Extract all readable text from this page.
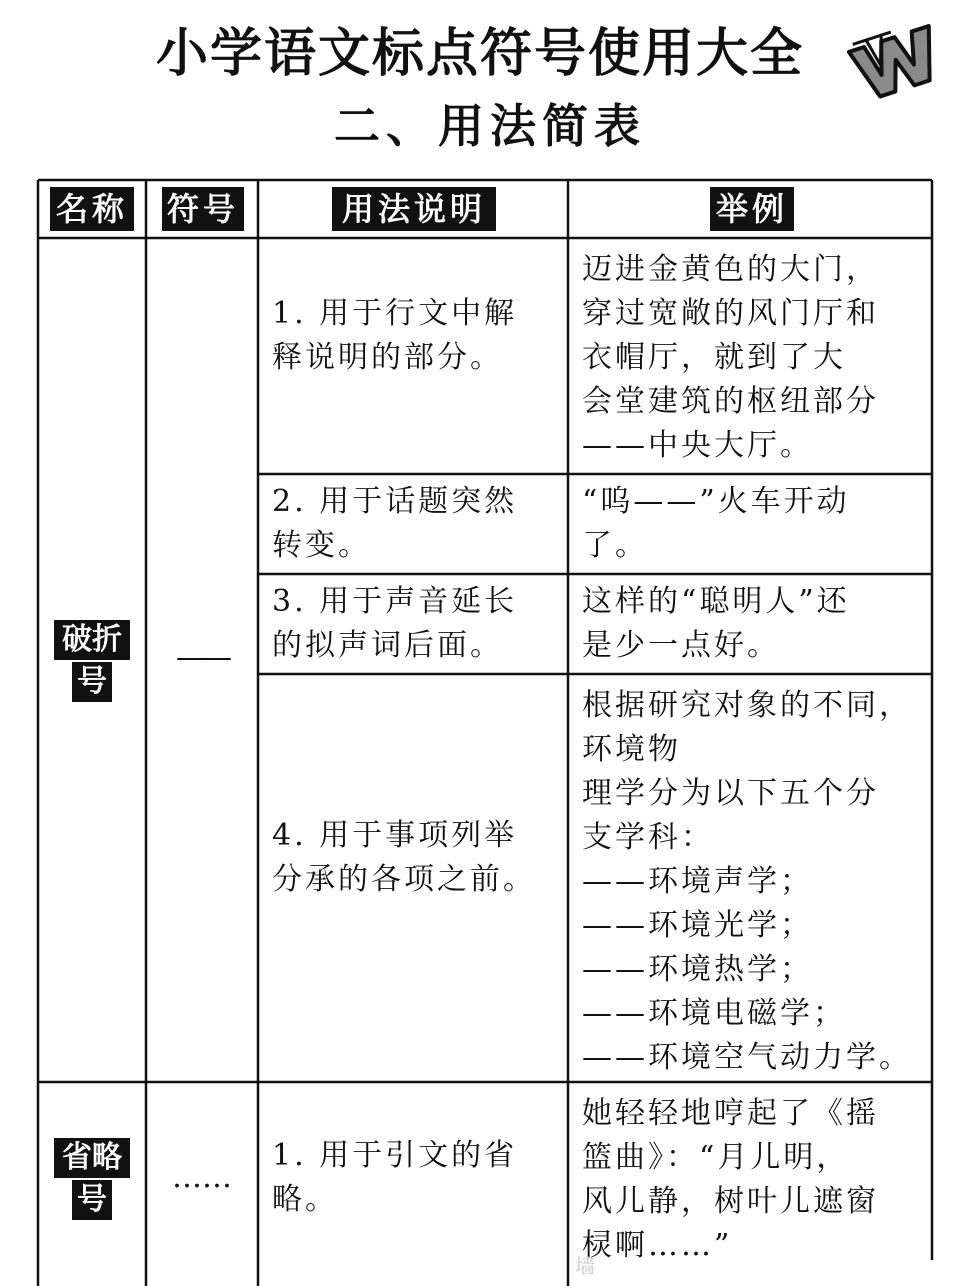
小学语文标点符号使用大全
二、用法简表
名称 符号	用法说明	举例
破折
号
——
1. 用于行文中解
释说明的部分。
迈进金黄色的大门，
穿过宽敞的风门厅和
衣帽厅，就到了大
会堂建筑的枢纽部分
——中央大厅。
2. 用于话题突然
转变。
“呜——”火车开动
了。
3. 用于声音延长
的拟声词后面。
这样的“聪明人”还
是少一点好。
4. 用于事项列举
分承的各项之前。
根据研究对象的不同，
环境物
理学分为以下五个分
支学科：
——环境声学；
——环境光学；
——环境热学；
——环境电磁学；
——环境空气动力学。
省略
号
……
1. 用于引文的省
略。
她轻轻地哼起了《摇
篮曲》：“月儿明，
风儿静，树叶儿遮窗
棂啊……”
墙
